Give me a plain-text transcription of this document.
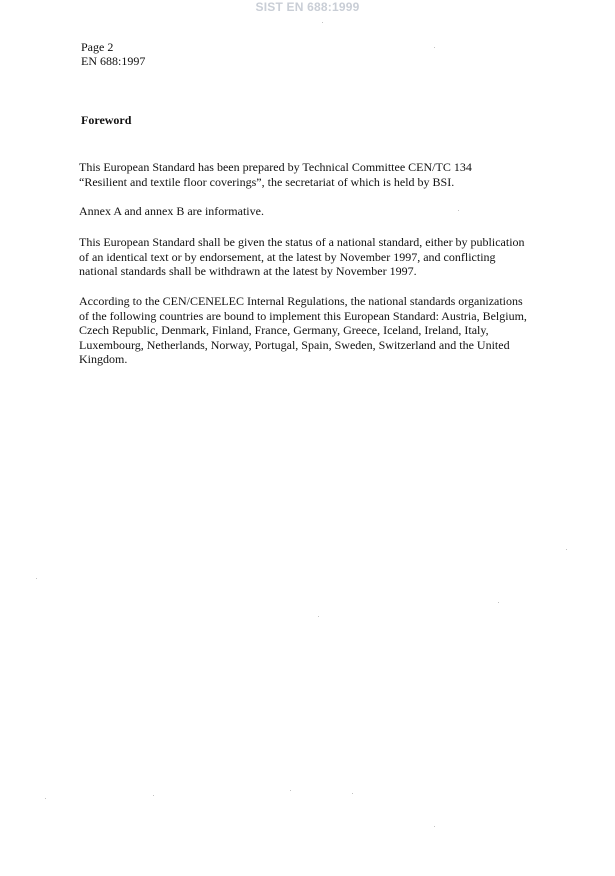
SIST EN 688:1999
Page 2
EN 688:1997
Foreword

This European Standard has been prepared by Technical Committee CEN/TC 134
“Resilient and textile floor coverings”, the secretariat of which is held by BSI.

Annex A and annex B are informative.

This European Standard shall be given the status of a national standard, either by publication
of an identical text or by endorsement, at the latest by November 1997, and conflicting
national standards shall be withdrawn at the latest by November 1997.

According to the CEN/CENELEC Internal Regulations, the national standards organizations
of the following countries are bound to implement this European Standard: Austria, Belgium,
Czech Republic, Denmark, Finland, France, Germany, Greece, Iceland, Ireland, Italy,
Luxembourg, Netherlands, Norway, Portugal, Spain, Sweden, Switzerland and the United
Kingdom.
